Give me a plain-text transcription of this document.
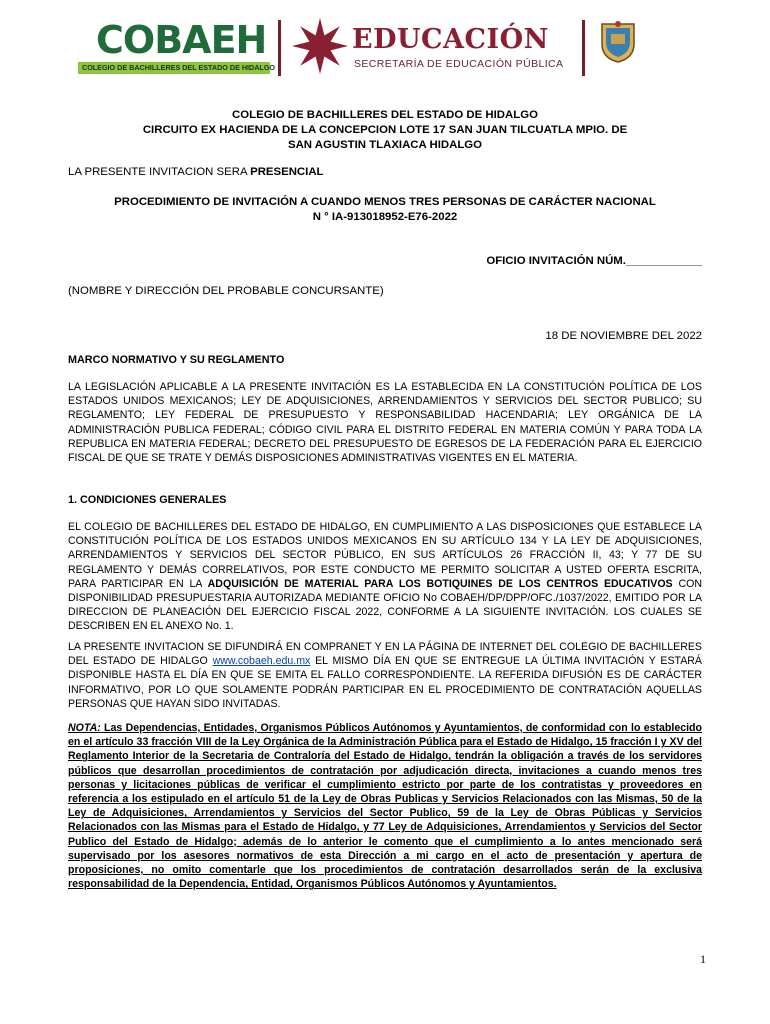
COBAEH
COLEGIO DE BACHILLERES DEL ESTADO DE HIDALGO
EDUCACIÓN
SECRETARÍA DE EDUCACIÓN PÚBLICA
COLEGIO DE BACHILLERES DEL ESTADO DE HIDALGO
CIRCUITO EX HACIENDA DE LA CONCEPCION LOTE 17 SAN JUAN TILCUATLA MPIO. DE
SAN AGUSTIN TLAXIACA HIDALGO
LA PRESENTE INVITACION SERA PRESENCIAL
PROCEDIMIENTO DE INVITACIÓN A CUANDO MENOS TRES PERSONAS DE CARÁCTER NACIONAL
N ° IA-913018952-E76-2022
OFICIO INVITACIÓN NÚM.____________
(NOMBRE Y DIRECCIÓN DEL PROBABLE CONCURSANTE)
18 DE NOVIEMBRE DEL 2022
MARCO NORMATIVO Y SU REGLAMENTO
LA LEGISLACIÓN APLICABLE A LA PRESENTE INVITACIÓN ES LA ESTABLECIDA EN LA CONSTITUCIÓN POLÍTICA DE LOS ESTADOS UNIDOS MEXICANOS; LEY DE ADQUISICIONES, ARRENDAMIENTOS Y SERVICIOS DEL SECTOR PUBLICO; SU REGLAMENTO; LEY FEDERAL DE PRESUPUESTO Y RESPONSABILIDAD HACENDARIA; LEY ORGÁNICA DE LA ADMINISTRACIÓN PUBLICA FEDERAL; CÓDIGO CIVIL PARA EL DISTRITO FEDERAL EN MATERIA COMÚN Y PARA TODA LA REPUBLICA EN MATERIA FEDERAL; DECRETO DEL PRESUPUESTO DE EGRESOS DE LA FEDERACIÓN PARA EL EJERCICIO FISCAL DE QUE SE TRATE Y DEMÁS DISPOSICIONES ADMINISTRATIVAS VIGENTES EN EL MATERIA.
1. CONDICIONES GENERALES
EL COLEGIO DE BACHILLERES DEL ESTADO DE HIDALGO, EN CUMPLIMIENTO A LAS DISPOSICIONES QUE ESTABLECE LA CONSTITUCIÓN POLÍTICA DE LOS ESTADOS UNIDOS MEXICANOS EN SU ARTÍCULO 134 Y LA LEY DE ADQUISICIONES, ARRENDAMIENTOS Y SERVICIOS DEL SECTOR PÚBLICO, EN SUS ARTÍCULOS 26 FRACCIÓN II, 43; Y 77 DE SU REGLAMENTO Y DEMÁS CORRELATIVOS, POR ESTE CONDUCTO ME PERMITO SOLICITAR A USTED OFERTA ESCRITA, PARA PARTICIPAR EN LA ADQUISICIÓN DE MATERIAL PARA LOS BOTIQUINES DE LOS CENTROS EDUCATIVOS CON DISPONIBILIDAD PRESUPUESTARIA AUTORIZADA MEDIANTE OFICIO No COBAEH/DP/DPP/OFC./1037/2022, EMITIDO POR LA DIRECCION DE PLANEACIÓN DEL EJERCICIO FISCAL 2022, CONFORME A LA SIGUIENTE INVITACIÓN. LOS CUALES SE DESCRIBEN EN EL ANEXO No. 1.
LA PRESENTE INVITACION SE DIFUNDIRÁ EN COMPRANET Y EN LA PÁGINA DE INTERNET DEL COLEGIO DE BACHILLERES DEL ESTADO DE HIDALGO www.cobaeh.edu.mx EL MISMO DÍA EN QUE SE ENTREGUE LA ÚLTIMA INVITACIÓN Y ESTARÁ DISPONIBLE HASTA EL DÍA EN QUE SE EMITA EL FALLO CORRESPONDIENTE. LA REFERIDA DIFUSIÓN ES DE CARÁCTER INFORMATIVO, POR LO QUE SOLAMENTE PODRÁN PARTICIPAR EN EL PROCEDIMIENTO DE CONTRATACIÓN AQUELLAS PERSONAS QUE HAYAN SIDO INVITADAS.
NOTA: Las Dependencias, Entidades, Organismos Públicos Autónomos y Ayuntamientos, de conformidad con lo establecido en el artículo 33 fracción VIII de la Ley Orgánica de la Administración Pública para el Estado de Hidalgo, 15 fracción I y XV del Reglamento Interior de la Secretaria de Contraloría del Estado de Hidalgo, tendrán la obligación a través de los servidores públicos que desarrollan procedimientos de contratación por adjudicación directa, invitaciones a cuando menos tres personas y licitaciones públicas de verificar el cumplimiento estricto por parte de los contratistas y proveedores en referencia a los estipulado en el artículo 51 de la Ley de Obras Publicas y Servicios Relacionados con las Mismas, 50 de la Ley de Adquisiciones, Arrendamientos y Servicios del Sector Publico, 59 de la Ley de Obras Públicas y Servicios Relacionados con las Mismas para el Estado de Hidalgo, y 77 Ley de Adquisiciones, Arrendamientos y Servicios del Sector Publico del Estado de Hidalgo; además de lo anterior le comento que el cumplimiento a lo antes mencionado será supervisado por los asesores normativos de esta Dirección a mi cargo en el acto de presentación y apertura de proposiciones, no omito comentarle que los procedimientos de contratación desarrollados serán de la exclusiva responsabilidad de la Dependencia, Entidad, Organismos Públicos Autónomos y Ayuntamientos.
1
